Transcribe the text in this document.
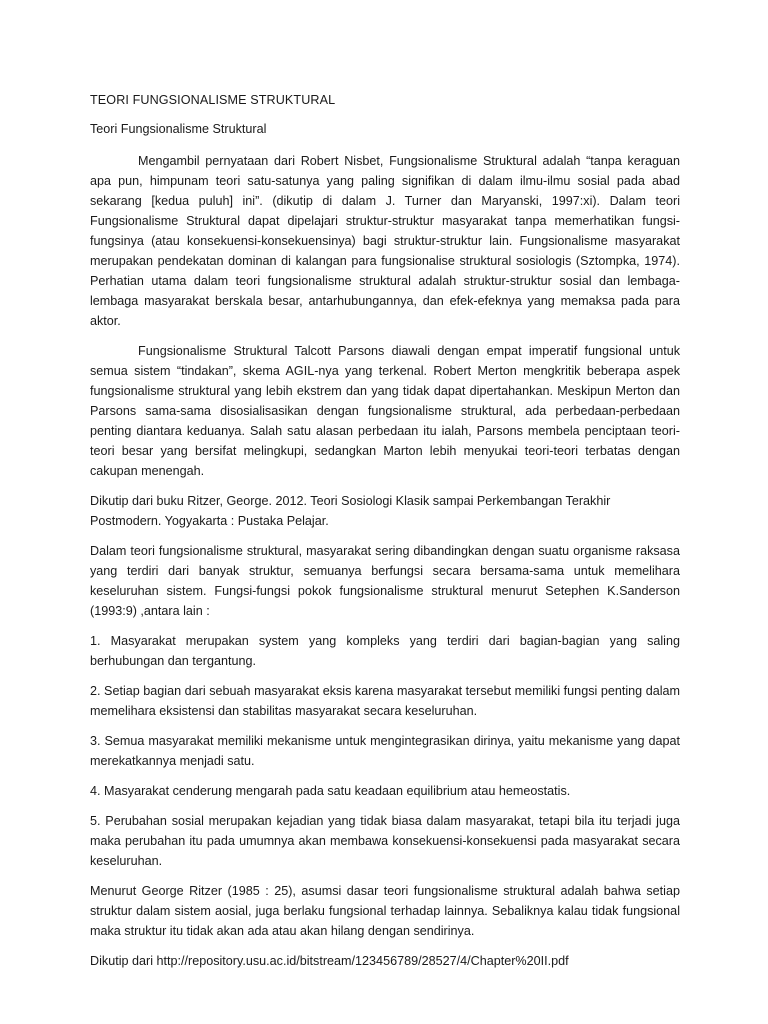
TEORI FUNGSIONALISME STRUKTURAL
Teori Fungsionalisme Struktural

Mengambil pernyataan dari Robert Nisbet, Fungsionalisme Struktural adalah “tanpa keraguan apa pun, himpunam teori satu-satunya yang paling signifikan di dalam ilmu-ilmu sosial pada abad sekarang [kedua puluh] ini”. (dikutip di dalam J. Turner dan Maryanski, 1997:xi). Dalam teori Fungsionalisme Struktural dapat dipelajari struktur-struktur masyarakat tanpa memerhatikan fungsi-fungsinya (atau konsekuensi-konsekuensinya) bagi struktur-struktur lain. Fungsionalisme masyarakat merupakan pendekatan dominan di kalangan para fungsionalise struktural sosiologis (Sztompka, 1974). Perhatian utama dalam teori fungsionalisme struktural adalah struktur-struktur sosial dan lembaga-lembaga masyarakat berskala besar, antarhubungannya, dan efek-efeknya yang memaksa pada para aktor.

Fungsionalisme Struktural Talcott Parsons diawali dengan empat imperatif fungsional untuk semua sistem “tindakan”, skema AGIL-nya yang terkenal. Robert Merton mengkritik beberapa aspek fungsionalisme struktural yang lebih ekstrem dan yang tidak dapat dipertahankan. Meskipun Merton dan Parsons sama-sama disosialisasikan dengan fungsionalisme struktural, ada perbedaan-perbedaan penting diantara keduanya. Salah satu alasan perbedaan itu ialah, Parsons membela penciptaan teori-teori besar yang bersifat melingkupi, sedangkan Marton lebih menyukai teori-teori terbatas dengan cakupan menengah.

Dikutip dari buku Ritzer, George. 2012. Teori Sosiologi Klasik sampai Perkembangan Terakhir Postmodern. Yogyakarta : Pustaka Pelajar.

Dalam teori fungsionalisme struktural, masyarakat sering dibandingkan dengan suatu organisme raksasa yang terdiri dari banyak struktur, semuanya berfungsi secara bersama-sama untuk memelihara keseluruhan sistem. Fungsi-fungsi pokok fungsionalisme struktural menurut Setephen K.Sanderson (1993:9) ,antara lain :

1. Masyarakat merupakan system yang kompleks yang terdiri dari bagian-bagian yang saling berhubungan dan tergantung.
2. Setiap bagian dari sebuah masyarakat eksis karena masyarakat tersebut memiliki fungsi penting dalam memelihara eksistensi dan stabilitas masyarakat secara keseluruhan.
3. Semua masyarakat memiliki mekanisme untuk mengintegrasikan dirinya, yaitu mekanisme yang dapat merekatkannya menjadi satu.
4. Masyarakat cenderung mengarah pada satu keadaan equilibrium atau hemeostatis.
5. Perubahan sosial merupakan kejadian yang tidak biasa dalam masyarakat, tetapi bila itu terjadi juga maka perubahan itu pada umumnya akan membawa konsekuensi-konsekuensi pada masyarakat secara keseluruhan.

Menurut George Ritzer (1985 : 25), asumsi dasar teori fungsionalisme struktural adalah bahwa setiap struktur dalam sistem aosial, juga berlaku fungsional terhadap lainnya. Sebaliknya kalau tidak fungsional maka struktur itu tidak akan ada atau akan hilang dengan sendirinya.

Dikutip dari http://repository.usu.ac.id/bitstream/123456789/28527/4/Chapter%20II.pdf
